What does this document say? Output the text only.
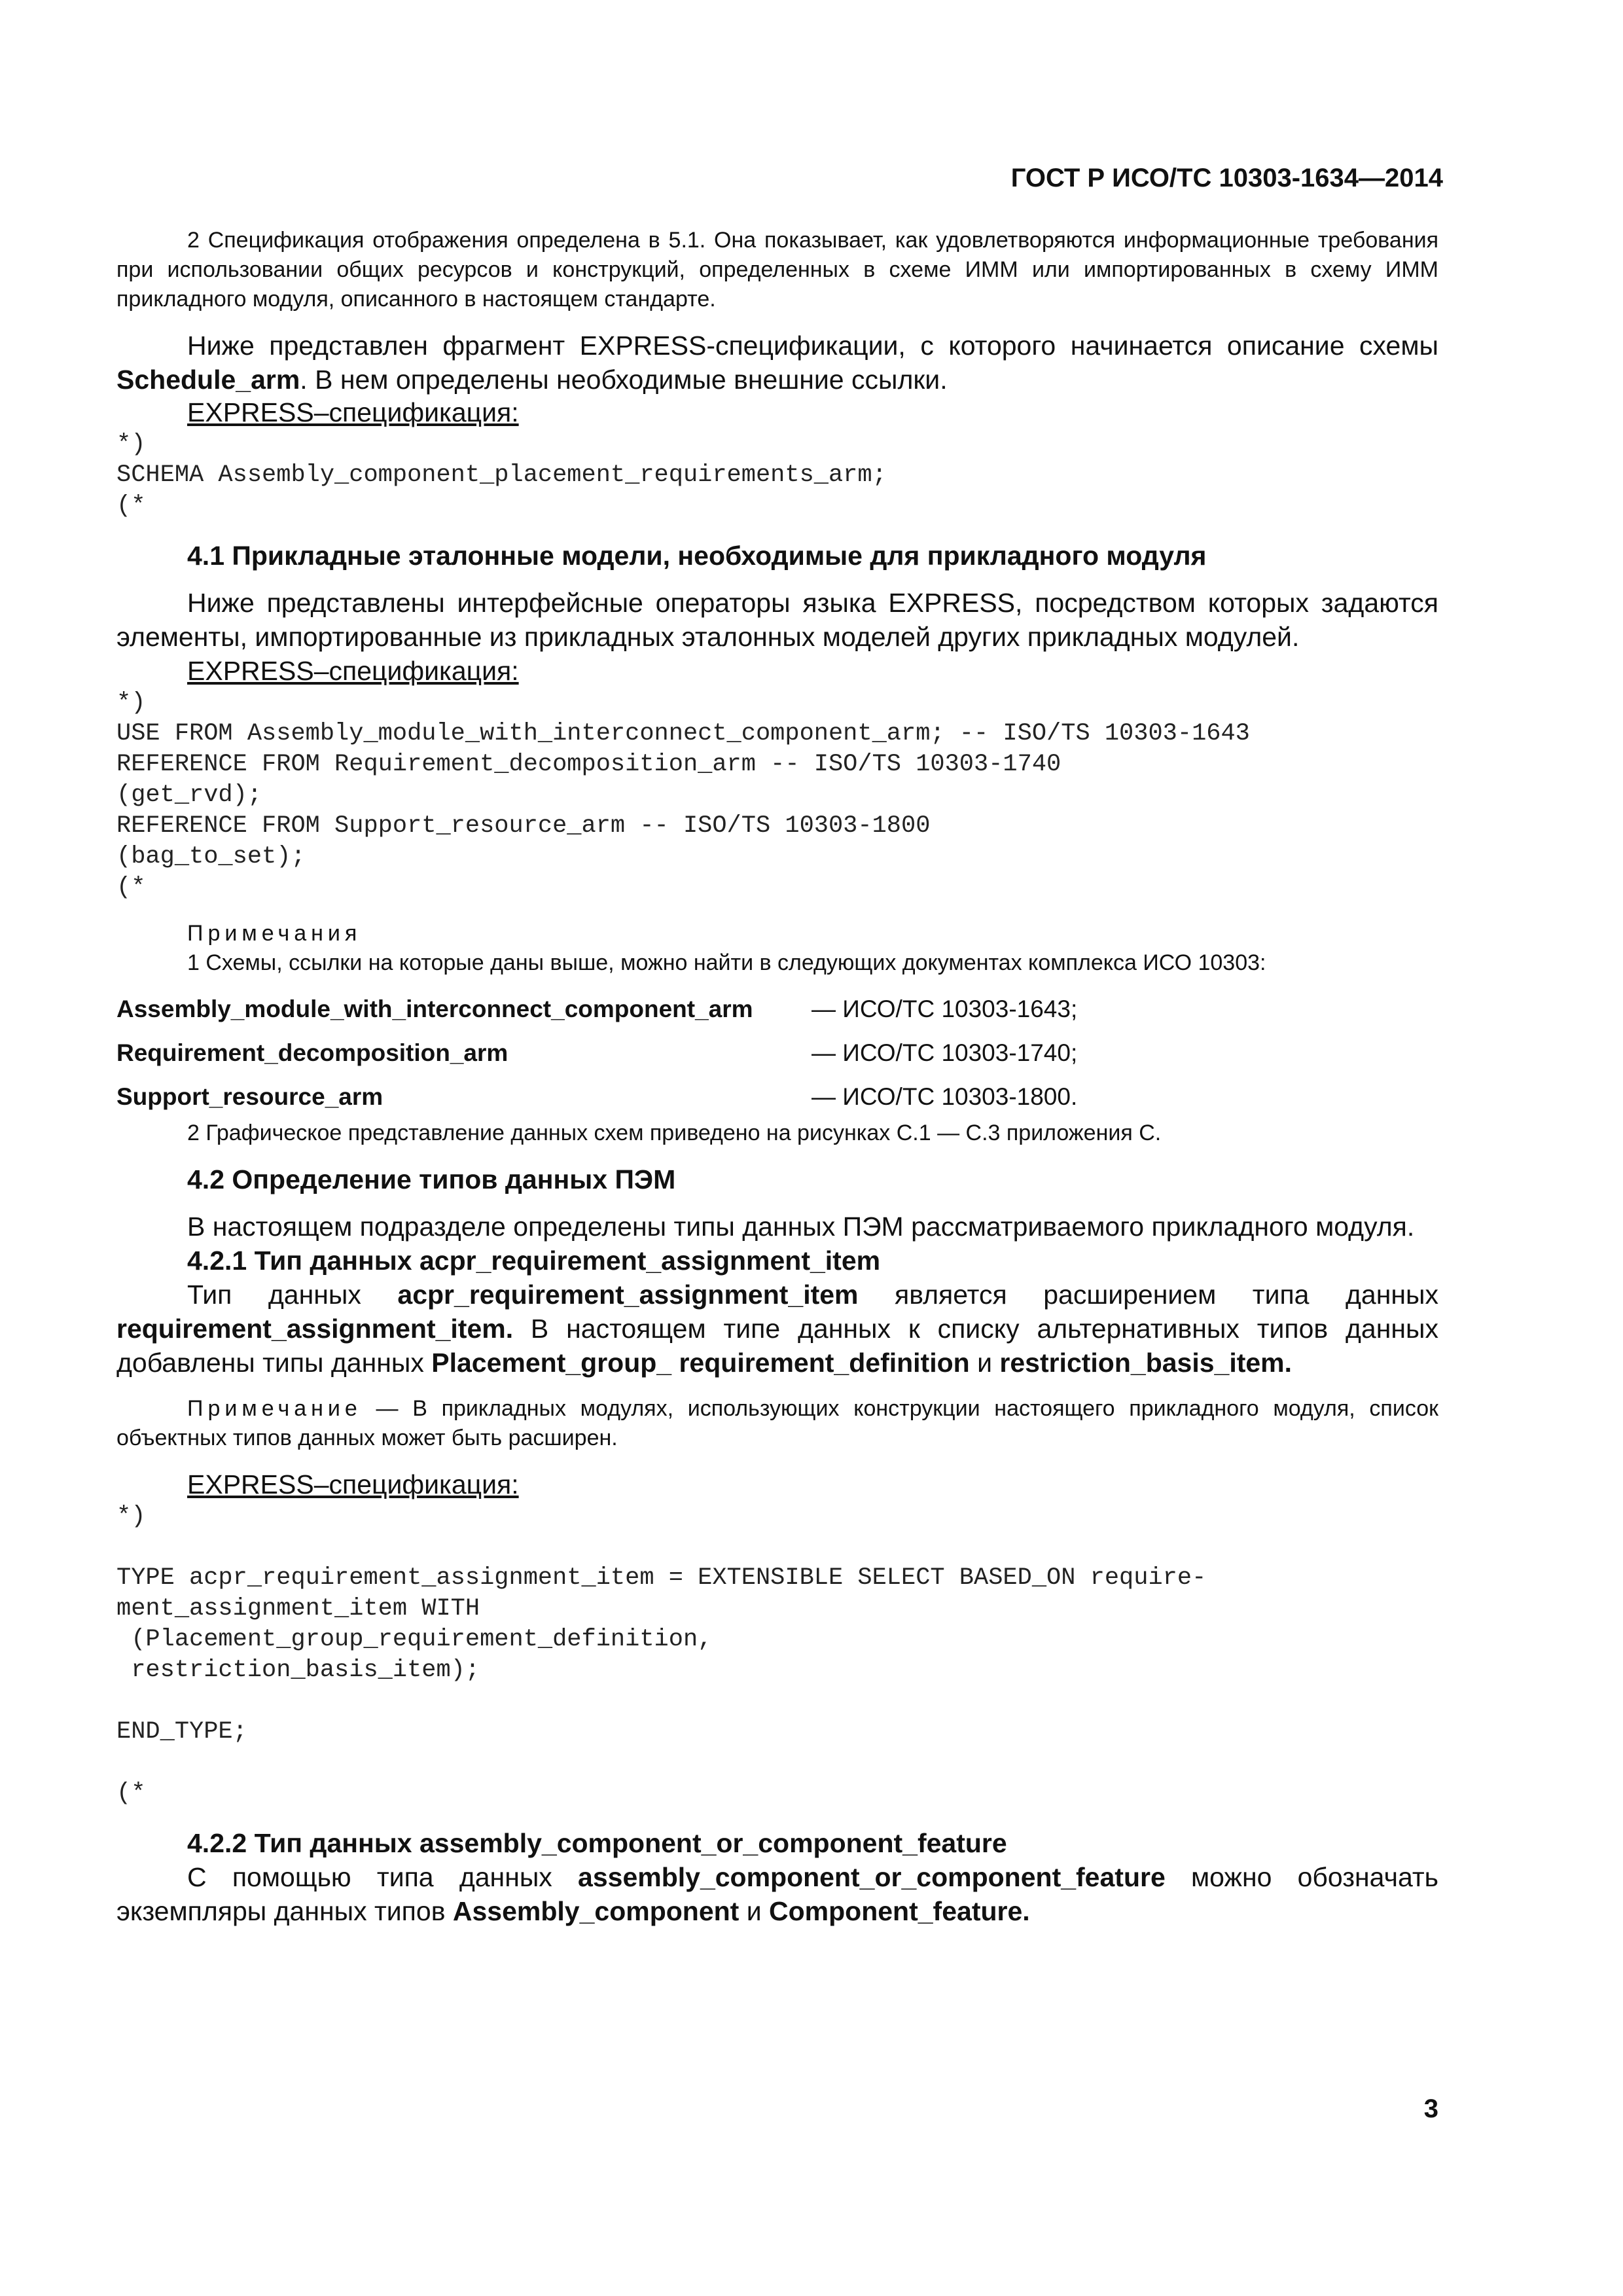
ГОСТ Р ИСО/ТС 10303-1634—2014

2 Спецификация отображения определена в 5.1. Она показывает, как удовлетворяются информационные требования при использовании общих ресурсов и конструкций, определенных в схеме ИММ или импортированных в схему ИММ прикладного модуля, описанного в настоящем стандарте.

Ниже представлен фрагмент EXPRESS-спецификации, с которого начинается описание схемы Schedule_arm. В нем определены необходимые внешние ссылки.

EXPRESS–спецификация:

*)
SCHEMA Assembly_component_placement_requirements_arm;
(*

4.1 Прикладные эталонные модели, необходимые для прикладного модуля

Ниже представлены интерфейсные операторы языка EXPRESS, посредством которых задаются элементы, импортированные из прикладных эталонных моделей других прикладных модулей.

EXPRESS–спецификация:

*)
USE FROM Assembly_module_with_interconnect_component_arm; -- ISO/TS 10303-1643
REFERENCE FROM Requirement_decomposition_arm -- ISO/TS 10303-1740
(get_rvd);
REFERENCE FROM Support_resource_arm -- ISO/TS 10303-1800
(bag_to_set);
(*

Примечания

1 Схемы, ссылки на которые даны выше, можно найти в следующих документах комплекса ИСО 10303:

Assembly_module_with_interconnect_component_arm	— ИСО/ТС 10303-1643;
Requirement_decomposition_arm	— ИСО/ТС 10303-1740;
Support_resource_arm	— ИСО/ТС 10303-1800.

2 Графическое представление данных схем приведено на рисунках С.1 — С.3 приложения С.

4.2 Определение типов данных ПЭМ

В настоящем подразделе определены типы данных ПЭМ рассматриваемого прикладного модуля.

4.2.1 Тип данных acpr_requirement_assignment_item

Тип данных acpr_requirement_assignment_item является расширением типа данных requirement_assignment_item. В настоящем типе данных к списку альтернативных типов данных добавлены типы данных Placement_group_ requirement_definition и restriction_basis_item.

Примечание — В прикладных модулях, использующих конструкции настоящего прикладного модуля, список объектных типов данных может быть расширен.

EXPRESS–спецификация:

*)

TYPE acpr_requirement_assignment_item = EXTENSIBLE SELECT BASED_ON require-
ment_assignment_item WITH
(Placement_group_requirement_definition,
restriction_basis_item);

END_TYPE;

(*

4.2.2 Тип данных assembly_component_or_component_feature

С помощью типа данных assembly_component_or_component_feature можно обозначать экземпляры данных типов Assembly_component и Component_feature.

3
